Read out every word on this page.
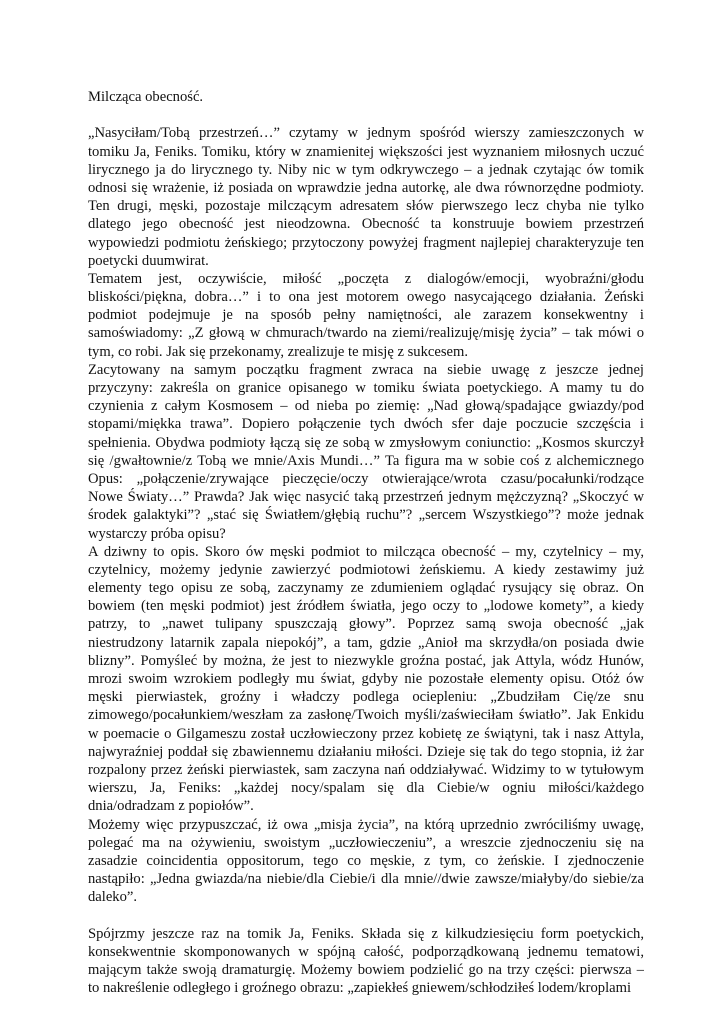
Milcząca obecność.
„Nasyciłam/Tobą przestrzeń…” czytamy w jednym spośród wierszy zamieszczonych w
tomiku Ja, Feniks. Tomiku, który w znamienitej większości jest wyznaniem miłosnych uczuć
lirycznego ja do lirycznego ty. Niby nic w tym odkrywczego – a jednak czytając ów tomik
odnosi się wrażenie, iż posiada on wprawdzie jedna autorkę, ale dwa równorzędne podmioty.
Ten drugi, męski, pozostaje milczącym adresatem słów pierwszego lecz chyba nie tylko
dlatego jego obecność jest nieodzowna. Obecność ta konstruuje bowiem przestrzeń
wypowiedzi podmiotu żeńskiego; przytoczony powyżej fragment najlepiej charakteryzuje ten
poetycki duumwirat.
Tematem jest, oczywiście, miłość „poczęta z dialogów/emocji, wyobraźni/głodu
bliskości/piękna, dobra…” i to ona jest motorem owego nasycającego działania. Żeński
podmiot podejmuje je na sposób pełny namiętności, ale zarazem konsekwentny i
samoświadomy: „Z głową w chmurach/twardo na ziemi/realizuję/misję życia” – tak mówi o
tym, co robi. Jak się przekonamy, zrealizuje te misję z sukcesem.
Zacytowany na samym początku fragment zwraca na siebie uwagę z jeszcze jednej
przyczyny: zakreśla on granice opisanego w tomiku świata poetyckiego. A mamy tu do
czynienia z całym Kosmosem – od nieba po ziemię: „Nad głową/spadające gwiazdy/pod
stopami/miękka trawa”. Dopiero połączenie tych dwóch sfer daje poczucie szczęścia i
spełnienia. Obydwa podmioty łączą się ze sobą w zmysłowym coniunctio: „Kosmos skurczył
się /gwałtownie/z Tobą we mnie/Axis Mundi…” Ta figura ma w sobie coś z alchemicznego
Opus: „połączenie/zrywające pieczęcie/oczy otwierające/wrota czasu/pocałunki/rodzące
Nowe Światy…” Prawda? Jak więc nasycić taką przestrzeń jednym mężczyzną? „Skoczyć w
środek galaktyki”? „stać się Światłem/głębią ruchu”? „sercem Wszystkiego”? może jednak
wystarczy próba opisu?
A dziwny to opis. Skoro ów męski podmiot to milcząca obecność – my, czytelnicy – my,
czytelnicy, możemy jedynie zawierzyć podmiotowi żeńskiemu. A kiedy zestawimy już
elementy tego opisu ze sobą, zaczynamy ze zdumieniem oglądać rysujący się obraz. On
bowiem (ten męski podmiot) jest źródłem światła, jego oczy to „lodowe komety”, a kiedy
patrzy, to „nawet tulipany spuszczają głowy”. Poprzez samą swoja obecność „jak
niestrudzony latarnik zapala niepokój”, a tam, gdzie „Anioł ma skrzydła/on posiada dwie
blizny”. Pomyśleć by można, że jest to niezwykle groźna postać, jak Attyla, wódz Hunów,
mrozi swoim wzrokiem podległy mu świat, gdyby nie pozostałe elementy opisu. Otóż ów
męski pierwiastek, groźny i władczy podlega ociepleniu: „Zbudziłam Cię/ze snu
zimowego/pocałunkiem/weszłam za zasłonę/Twoich myśli/zaświeciłam światło”. Jak Enkidu
w poemacie o Gilgameszu został uczłowieczony przez kobietę ze świątyni, tak i nasz Attyla,
najwyraźniej poddał się zbawiennemu działaniu miłości. Dzieje się tak do tego stopnia, iż żar
rozpalony przez żeński pierwiastek, sam zaczyna nań oddziaływać. Widzimy to w tytułowym
wierszu, Ja, Feniks: „każdej nocy/spalam się dla Ciebie/w ogniu miłości/każdego
dnia/odradzam z popiołów”.
Możemy więc przypuszczać, iż owa „misja życia”, na którą uprzednio zwróciliśmy uwagę,
polegać ma na ożywieniu, swoistym „uczłowieczeniu”, a wreszcie zjednoczeniu się na
zasadzie coincidentia oppositorum, tego co męskie, z tym, co żeńskie. I zjednoczenie
nastąpiło: „Jedna gwiazda/na niebie/dla Ciebie/i dla mnie//dwie zawsze/miałyby/do siebie/za
daleko”.
Spójrzmy jeszcze raz na tomik Ja, Feniks. Składa się z kilkudziesięciu form poetyckich,
konsekwentnie skomponowanych w spójną całość, podporządkowaną jednemu tematowi,
mającym także swoją dramaturgię. Możemy bowiem podzielić go na trzy części: pierwsza –
to nakreślenie odległego i groźnego obrazu: „zapiekłeś gniewem/schłodziłeś lodem/kroplami
